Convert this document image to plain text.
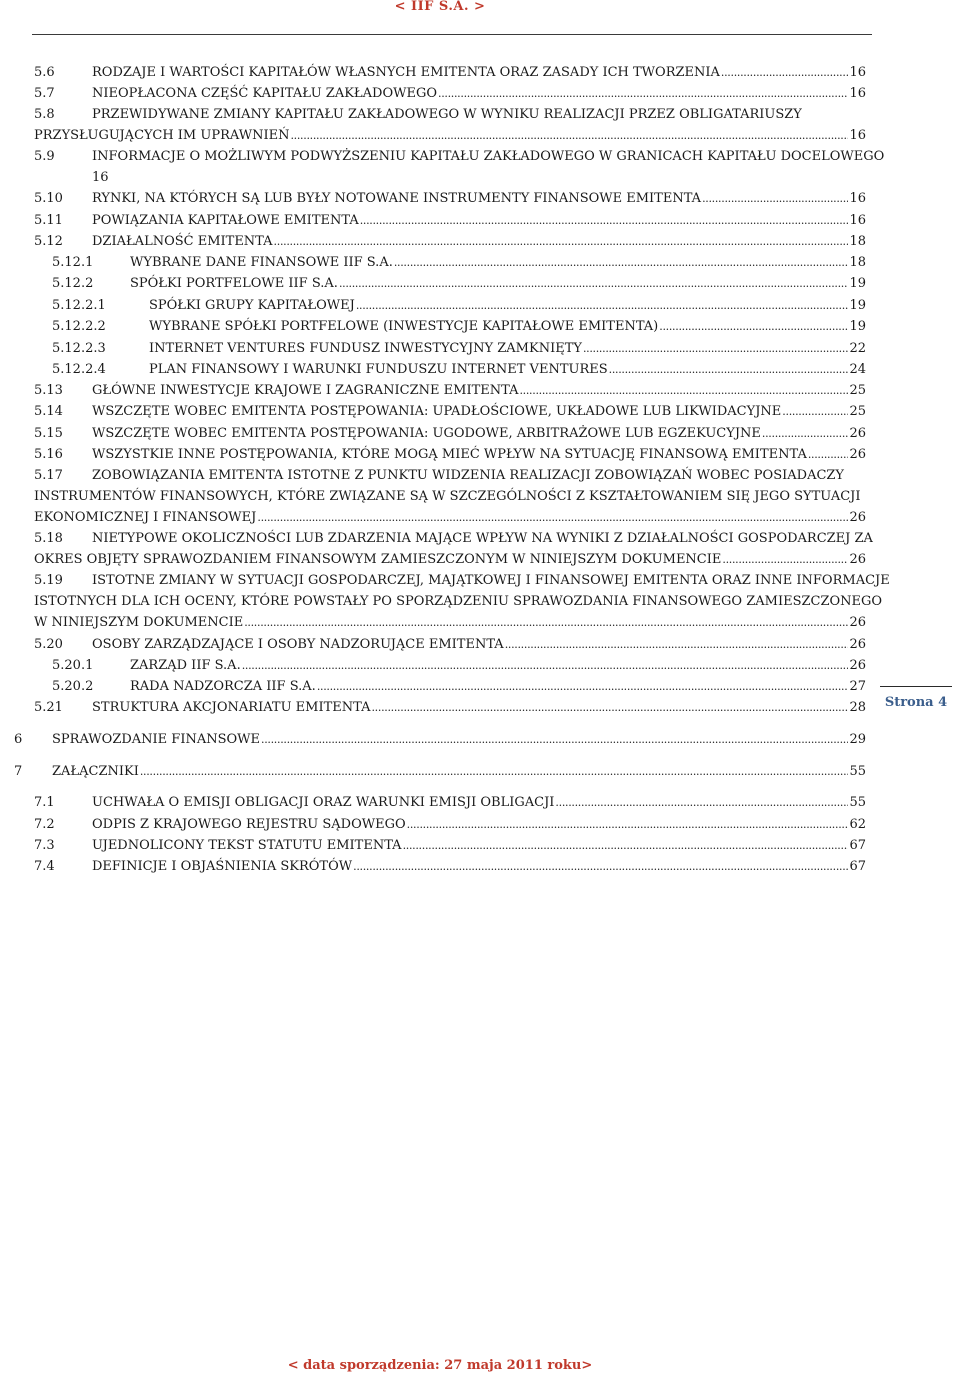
< IIF S.A. >
5.6	RODZAJE I WARTOŚCI KAPITAŁÓW WŁASNYCH EMITENTA ORAZ ZASADY ICH TWORZENIA .....	16
5.7	NIEOPŁACONA CZĘŚĆ KAPITAŁU ZAKŁADOWEGO .....	16
5.8	PRZEWIDYWANE ZMIANY KAPITAŁU ZAKŁADOWEGO W WYNIKU REALIZACJI PRZEZ OBLIGATARIUSZY
PRZYSŁUGUJĄCYCH IM UPRAWNIEŃ .....	16
5.9	INFORMACJE O MOŻLIWYM PODWYŻSZENIU KAPITAŁU ZAKŁADOWEGO W GRANICACH KAPITAŁU DOCELOWEGO
16
5.10 RYNKI, NA KTÓRYCH SĄ LUB BYŁY NOTOWANE INSTRUMENTY FINANSOWE EMITENTA .....	16
5.11 POWIĄZANIA KAPITAŁOWE EMITENTA .....	16
5.12 DZIAŁALNOŚĆ EMITENTA .....	18
5.12.1	WYBRANE DANE FINANSOWE IIF S.A. .....	18
5.12.2	SPÓŁKI PORTFELOWE IIF S.A. .....	19
5.12.2.1	SPÓŁKI GRUPY KAPITAŁOWEJ .....	19
5.12.2.2	WYBRANE SPÓŁKI PORTFELOWE (INWESTYCJE KAPITAŁOWE EMITENTA) .....	19
5.12.2.3	INTERNET VENTURES FUNDUSZ INWESTYCYJNY ZAMKNIĘTY .....	22
5.12.2.4	PLAN FINANSOWY I WARUNKI FUNDUSZU INTERNET VENTURES .....	24
5.13 GŁÓWNE INWESTYCJE KRAJOWE I ZAGRANICZNE EMITENTA .....	25
5.14 WSZCZĘTE WOBEC EMITENTA POSTĘPOWANIA: UPADŁOŚCIOWE, UKŁADOWE LUB LIKWIDACYJNE .....	25
5.15 WSZCZĘTE WOBEC EMITENTA POSTĘPOWANIA: UGODOWE, ARBITRAŻOWE LUB EGZEKUCYJNE .....	26
5.16 WSZYSTKIE INNE POSTĘPOWANIA, KTÓRE MOGĄ MIEĆ WPŁYW NA SYTUACJĘ FINANSOWĄ EMITENTA .....	26
5.17 ZOBOWIĄZANIA EMITENTA ISTOTNE Z PUNKTU WIDZENIA REALIZACJI ZOBOWIĄZAŃ WOBEC POSIADACZY
INSTRUMENTÓW FINANSOWYCH, KTÓRE ZWIĄZANE SĄ W SZCZEGÓLNOŚCI Z KSZTAŁTOWANIEM SIĘ JEGO SYTUACJI
EKONOMICZNEJ I FINANSOWEJ .....	26
5.18 NIETYPOWE OKOLICZNOŚCI LUB ZDARZENIA MAJĄCE WPŁYW NA WYNIKI Z DZIAŁALNOŚCI GOSPODARCZEJ ZA
OKRES OBJĘTY SPRAWOZDANIEM FINANSOWYM ZAMIESZCZONYM W NINIEJSZYM DOKUMENCIE .....	26
5.19 ISTOTNE ZMIANY W SYTUACJI GOSPODARCZEJ, MAJĄTKOWEJ I FINANSOWEJ EMITENTA ORAZ INNE INFORMACJE
ISTOTNYCH DLA ICH OCENY, KTÓRE POWSTAŁY PO SPORZĄDZENIU SPRAWOZDANIA FINANSOWEGO ZAMIESZCZONEGO
W NINIEJSZYM DOKUMENCIE .....	26
5.20 OSOBY ZARZĄDZAJĄCE I OSOBY NADZORUJĄCE EMITENTA .....	26
5.20.1	ZARZĄD IIF S.A. .....	26
5.20.2	RADA NADZORCZA IIF S.A. .....	27
5.21 STRUKTURA AKCJONARIATU EMITENTA .....	28
6 SPRAWOZDANIE FINANSOWE .....	29
7 ZAŁĄCZNIKI .....	55
7.1	UCHWAŁA O EMISJI OBLIGACJI ORAZ WARUNKI EMISJI OBLIGACJI .....	55
7.2	ODPIS Z KRAJOWEGO REJESTRU SĄDOWEGO .....	62
7.3	UJEDNOLICONY TEKST STATUTU EMITENTA .....	67
7.4	DEFINICJE I OBJAŚNIENIA SKRÓTÓW .....	67
Strona 4
< data sporządzenia: 27 maja 2011 roku>
